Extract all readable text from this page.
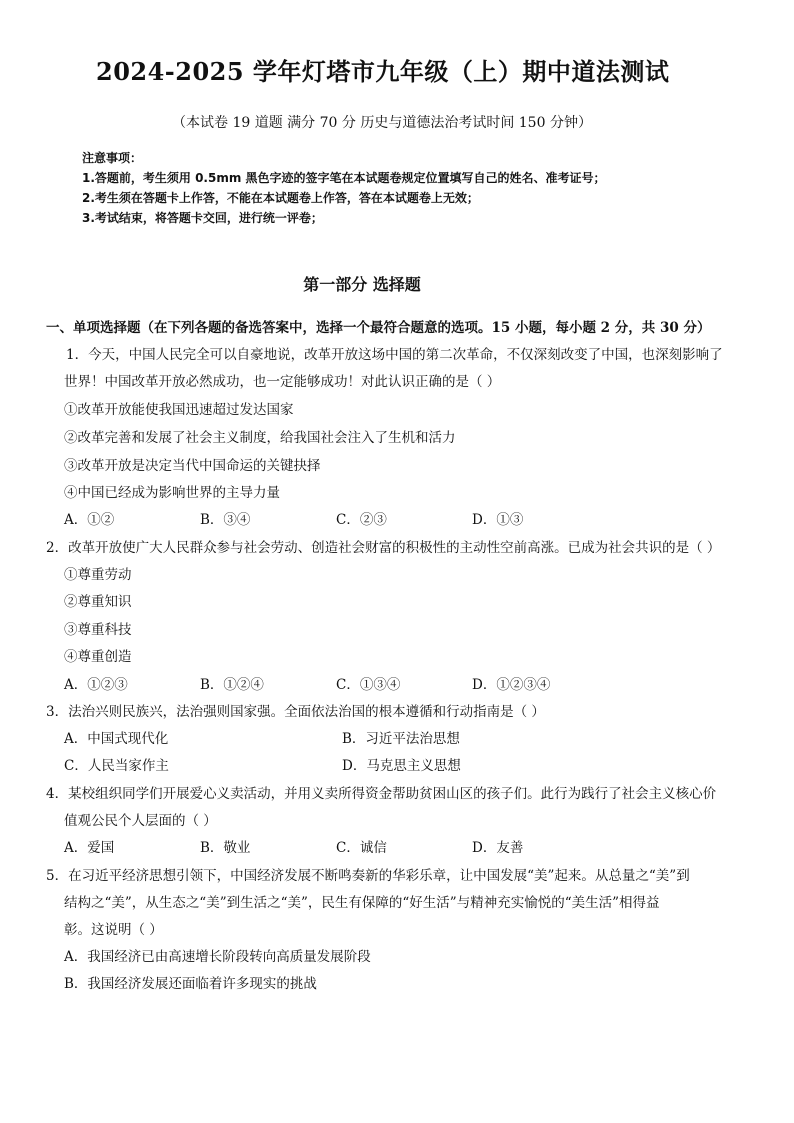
2024-2025 学年灯塔市九年级（上）期中道法测试
（本试卷 19 道题 满分 70 分 历史与道德法治考试时间 150 分钟）
注意事项：
1.答题前，考生须用 0.5mm 黑色字迹的签字笔在本试题卷规定位置填写自己的姓名、准考证号；
2.考生须在答题卡上作答，不能在本试题卷上作答，答在本试题卷上无效；
3.考试结束，将答题卡交回，进行统一评卷；
第一部分 选择题
一、单项选择题（在下列各题的备选答案中，选择一个最符合题意的选项。15 小题，每小题 2 分，共 30 分）
1．今天，中国人民完全可以自豪地说，改革开放这场中国的第二次革命，不仅深刻改变了中国，也深刻影响了
世界！中国改革开放必然成功，也一定能够成功！对此认识正确的是（ ）
①改革开放能使我国迅速超过发达国家
②改革完善和发展了社会主义制度，给我国社会注入了生机和活力
③改革开放是决定当代中国命运的关键抉择
④中国已经成为影响世界的主导力量
A．①②	B．③④	C．②③	D．①③
2．改革开放使广大人民群众参与社会劳动、创造社会财富的积极性的主动性空前高涨。已成为社会共识的是（ ）
①尊重劳动
②尊重知识
③尊重科技
④尊重创造
A．①②③	B．①②④	C．①③④	D．①②③④
3．法治兴则民族兴，法治强则国家强。全面依法治国的根本遵循和行动指南是（ ）
A．中国式现代化	B．习近平法治思想
C．人民当家作主	D．马克思主义思想
4．某校组织同学们开展爱心义卖活动，并用义卖所得资金帮助贫困山区的孩子们。此行为践行了社会主义核心价
值观公民个人层面的（ ）
A．爱国	B．敬业	C．诚信	D．友善
5．在习近平经济思想引领下，中国经济发展不断鸣奏新的华彩乐章，让中国发展“美”起来。从总量之“美”到
结构之“美”，从生态之“美”到生活之“美”，民生有保障的“好生活”与精神充实愉悦的“美生活”相得益
彰。这说明（ ）
A．我国经济已由高速增长阶段转向高质量发展阶段
B．我国经济发展还面临着许多现实的挑战
